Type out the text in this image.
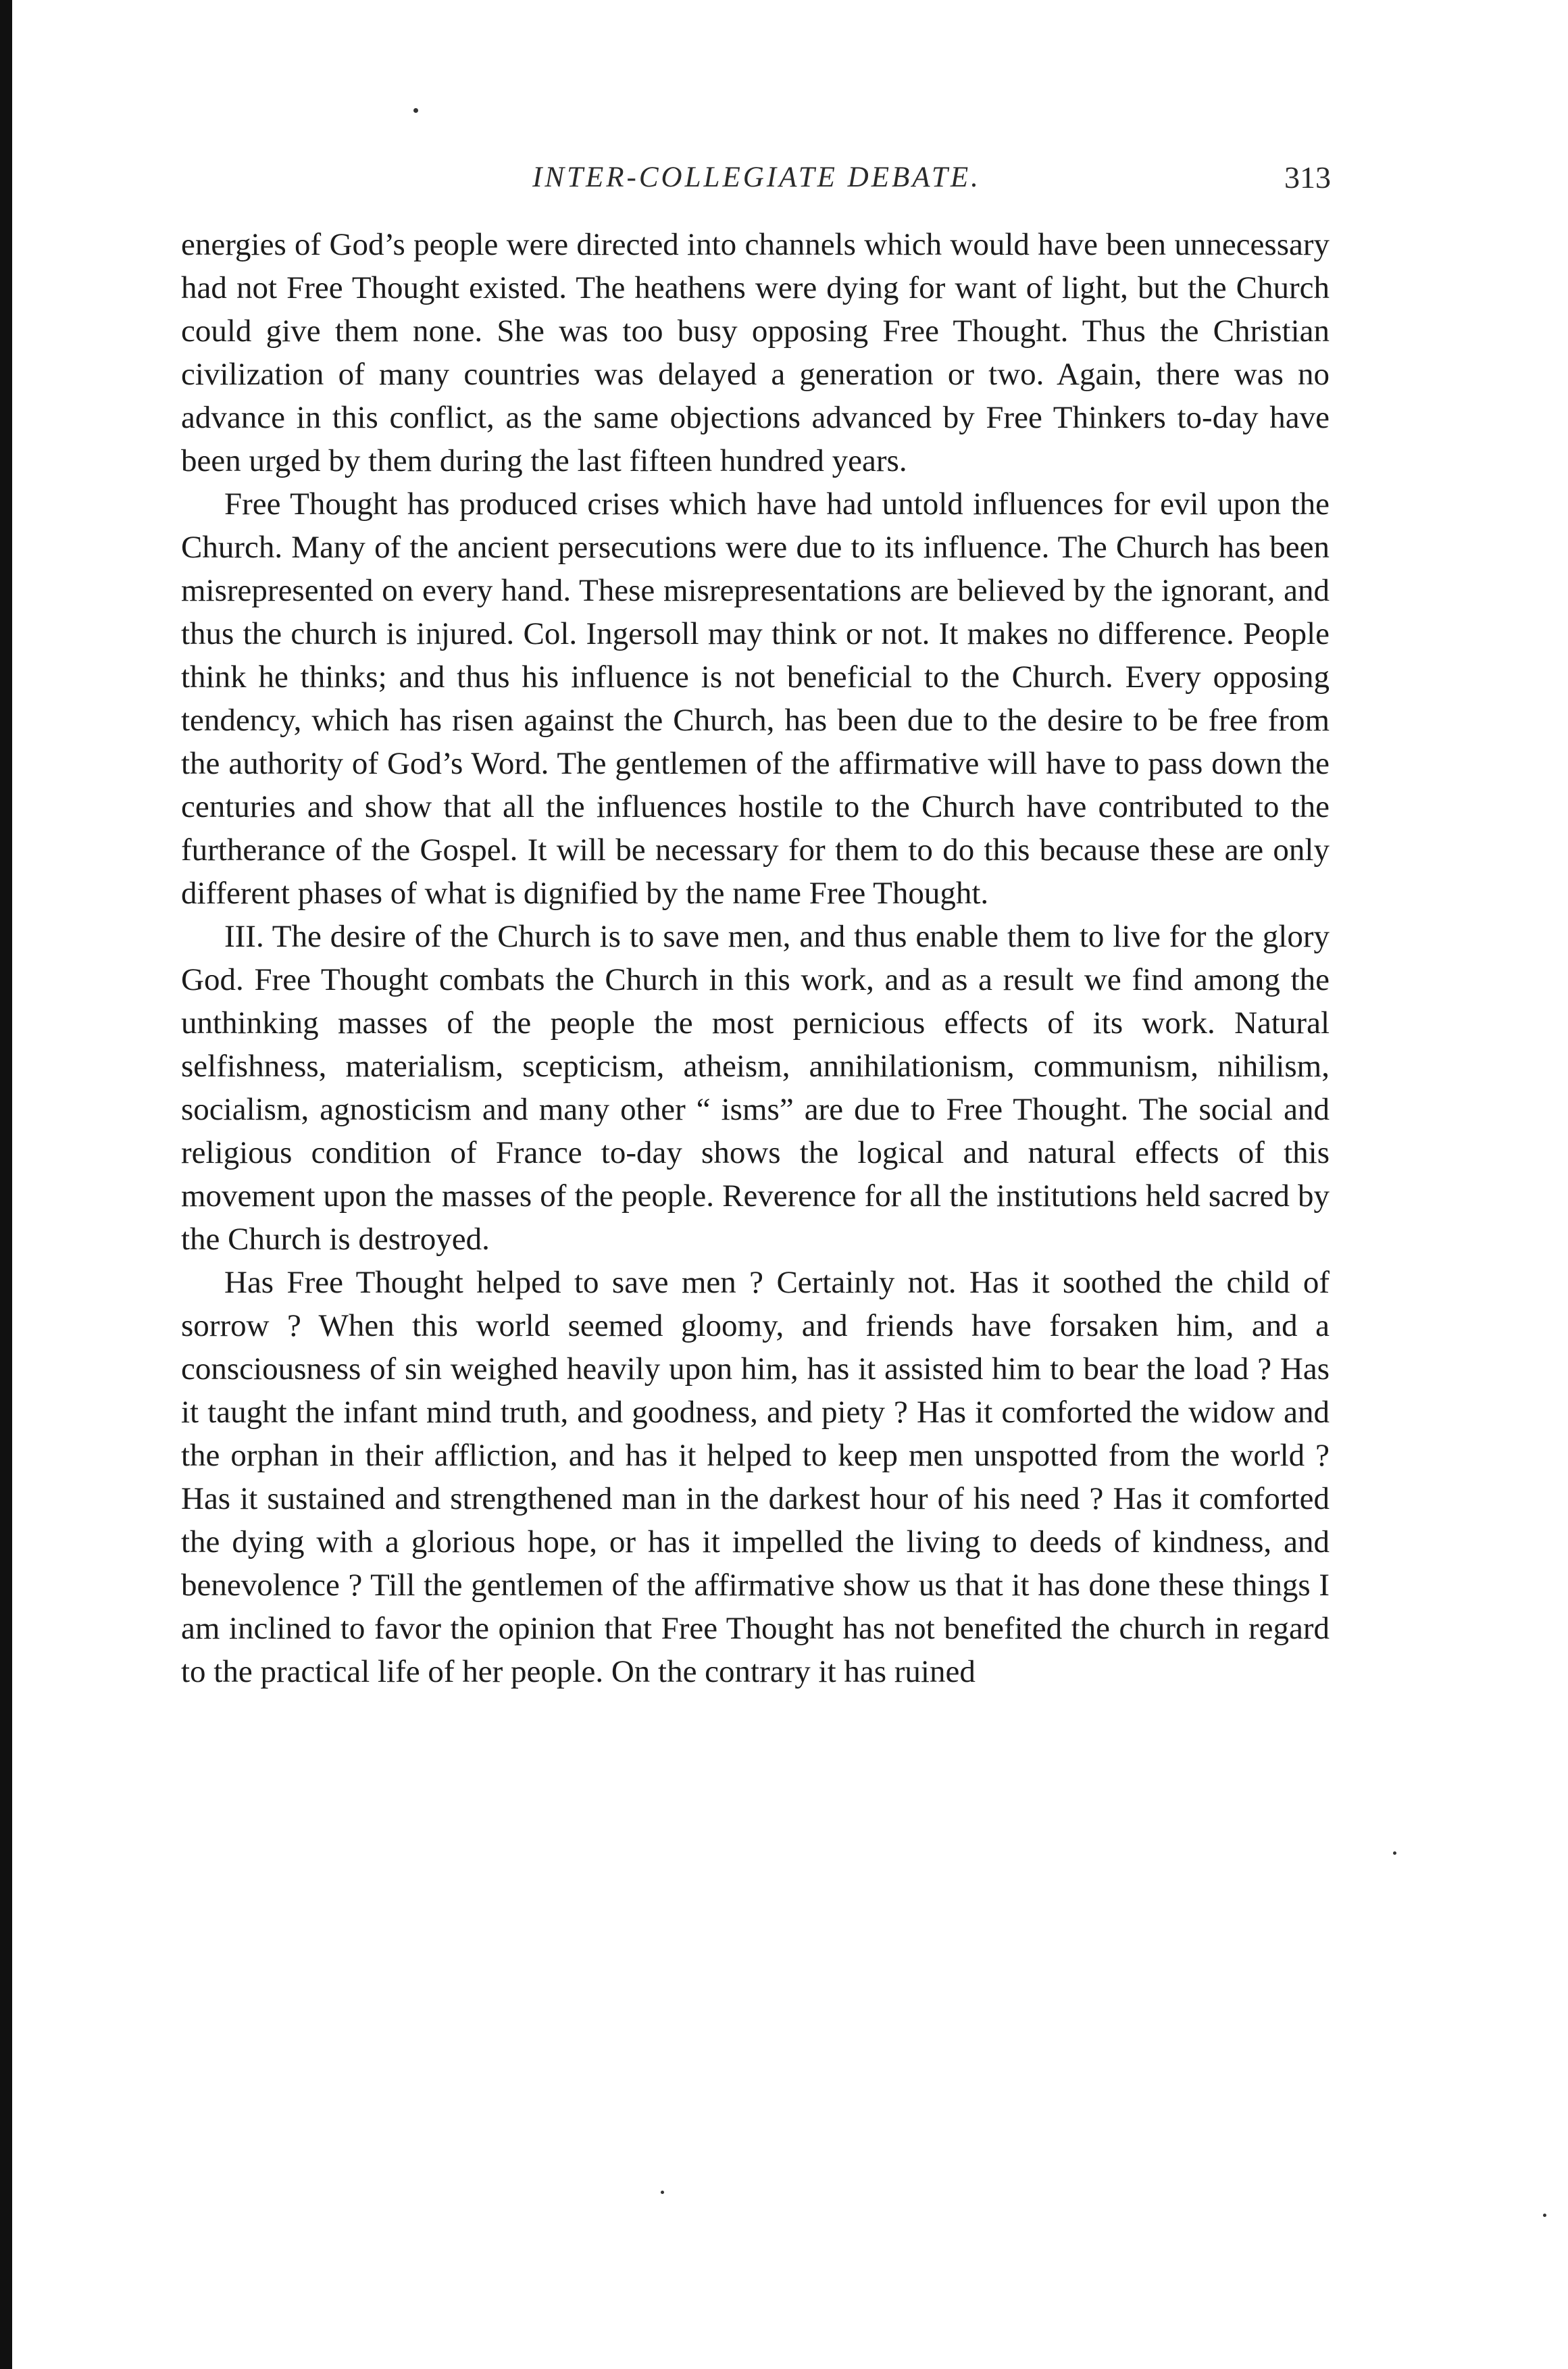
INTER-COLLEGIATE DEBATE.	313

energies of God’s people were directed into channels which would have been unnecessary had not Free Thought existed. The heathens were dying for want of light, but the Church could give them none. She was too busy opposing Free Thought. Thus the Christian civilization of many countries was delayed a generation or two. Again, there was no advance in this conflict, as the same objections advanced by Free Thinkers to-day have been urged by them during the last fifteen hundred years.

Free Thought has produced crises which have had untold influences for evil upon the Church. Many of the ancient persecutions were due to its influence. The Church has been misrepresented on every hand. These misrepresentations are believed by the ignorant, and thus the church is injured. Col. Ingersoll may think or not. It makes no difference. People think he thinks; and thus his influence is not beneficial to the Church. Every opposing tendency, which has risen against the Church, has been due to the desire to be free from the authority of God’s Word. The gentlemen of the affirmative will have to pass down the centuries and show that all the influences hostile to the Church have contributed to the furtherance of the Gospel. It will be necessary for them to do this because these are only different phases of what is dignified by the name Free Thought.

III. The desire of the Church is to save men, and thus enable them to live for the glory God. Free Thought combats the Church in this work, and as a result we find among the unthinking masses of the people the most pernicious effects of its work. Natural selfishness, materialism, scepticism, atheism, annihilationism, communism, nihilism, socialism, agnosticism and many other “ isms” are due to Free Thought. The social and religious condition of France to-day shows the logical and natural effects of this movement upon the masses of the people. Reverence for all the institutions held sacred by the Church is destroyed.

Has Free Thought helped to save men ? Certainly not. Has it soothed the child of sorrow ? When this world seemed gloomy, and friends have forsaken him, and a consciousness of sin weighed heavily upon him, has it assisted him to bear the load ? Has it taught the infant mind truth, and goodness, and piety ? Has it comforted the widow and the orphan in their affliction, and has it helped to keep men unspotted from the world ? Has it sustained and strengthened man in the darkest hour of his need ? Has it comforted the dying with a glorious hope, or has it impelled the living to deeds of kindness, and benevolence ? Till the gentlemen of the affirmative show us that it has done these things I am inclined to favor the opinion that Free Thought has not benefited the church in regard to the practical life of her people. On the contrary it has ruined
